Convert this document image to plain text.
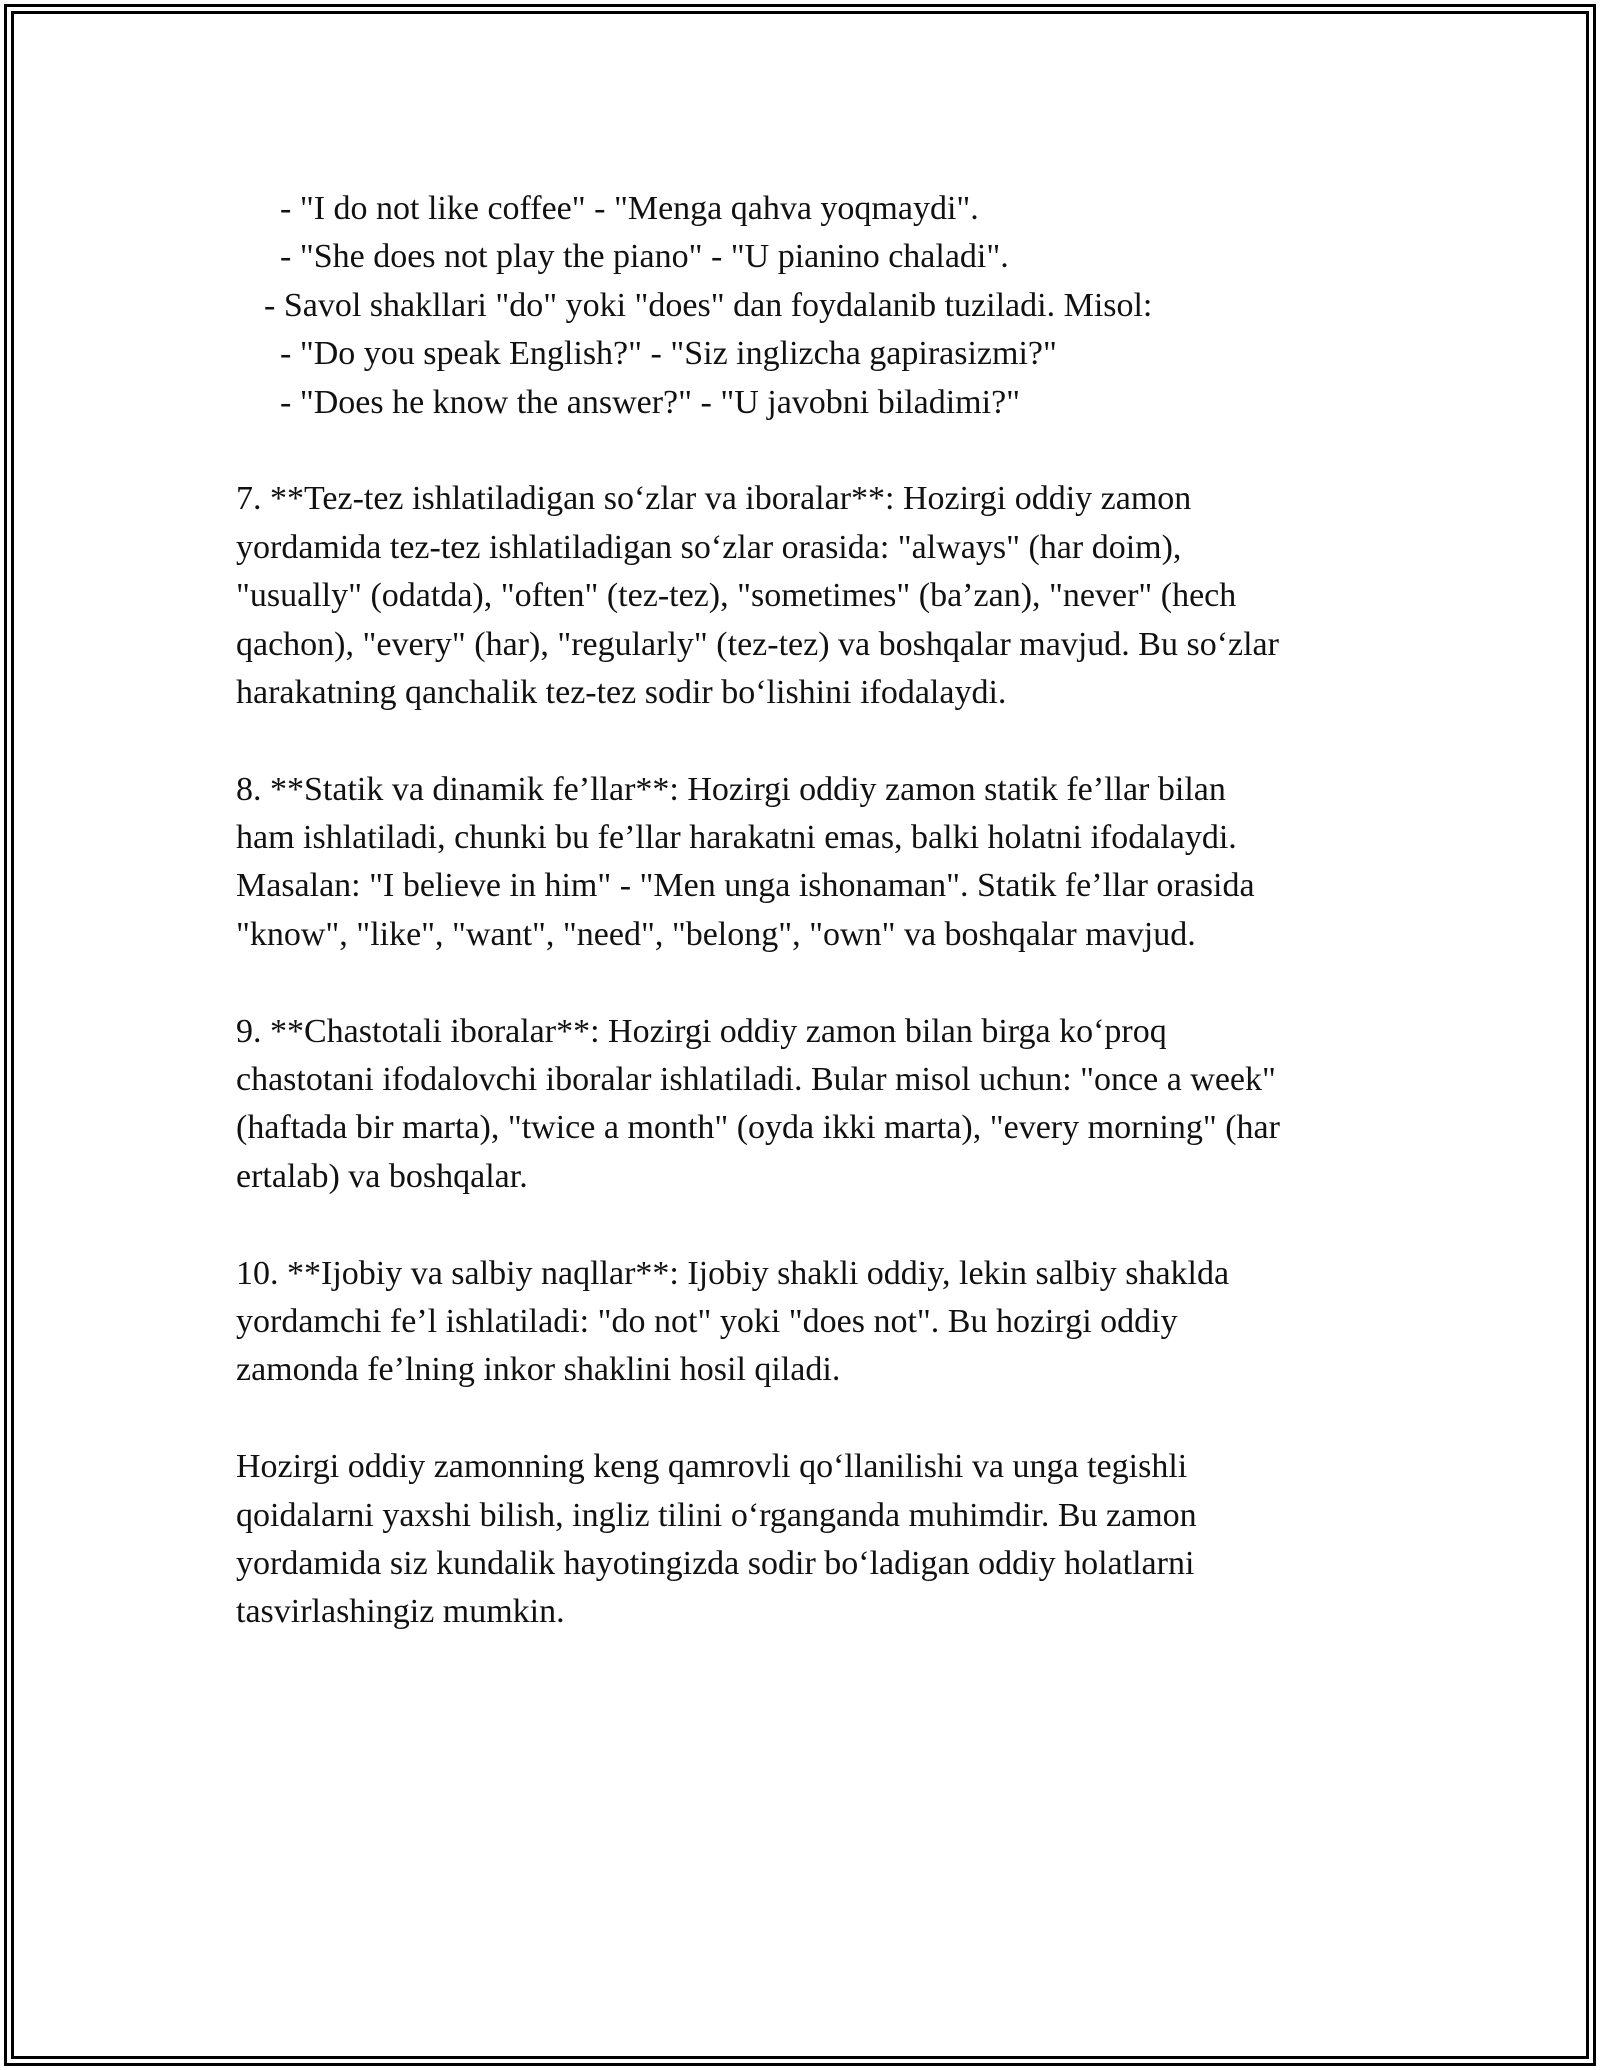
- "I do not like coffee" - "Menga qahva yoqmaydi".
- "She does not play the piano" - "U pianino chaladi".
- Savol shakllari "do" yoki "does" dan foydalanib tuziladi. Misol:
- "Do you speak English?" - "Siz inglizcha gapirasizmi?"
- "Does he know the answer?" - "U javobni biladimi?"
7. **Tez-tez ishlatiladigan so‘zlar va iboralar**: Hozirgi oddiy zamon
yordamida tez-tez ishlatiladigan so‘zlar orasida: "always" (har doim),
"usually" (odatda), "often" (tez-tez), "sometimes" (ba’zan), "never" (hech
qachon), "every" (har), "regularly" (tez-tez) va boshqalar mavjud. Bu so‘zlar
harakatning qanchalik tez-tez sodir bo‘lishini ifodalaydi.
8. **Statik va dinamik fe’llar**: Hozirgi oddiy zamon statik fe’llar bilan
ham ishlatiladi, chunki bu fe’llar harakatni emas, balki holatni ifodalaydi.
Masalan: "I believe in him" - "Men unga ishonaman". Statik fe’llar orasida
"know", "like", "want", "need", "belong", "own" va boshqalar mavjud.
9. **Chastotali iboralar**: Hozirgi oddiy zamon bilan birga ko‘proq
chastotani ifodalovchi iboralar ishlatiladi. Bular misol uchun: "once a week"
(haftada bir marta), "twice a month" (oyda ikki marta), "every morning" (har
ertalab) va boshqalar.
10. **Ijobiy va salbiy naqllar**: Ijobiy shakli oddiy, lekin salbiy shaklda
yordamchi fe’l ishlatiladi: "do not" yoki "does not". Bu hozirgi oddiy
zamonda fe’lning inkor shaklini hosil qiladi.
Hozirgi oddiy zamonning keng qamrovli qo‘llanilishi va unga tegishli
qoidalarni yaxshi bilish, ingliz tilini o‘rganganda muhimdir. Bu zamon
yordamida siz kundalik hayotingizda sodir bo‘ladigan oddiy holatlarni
tasvirlashingiz mumkin.
